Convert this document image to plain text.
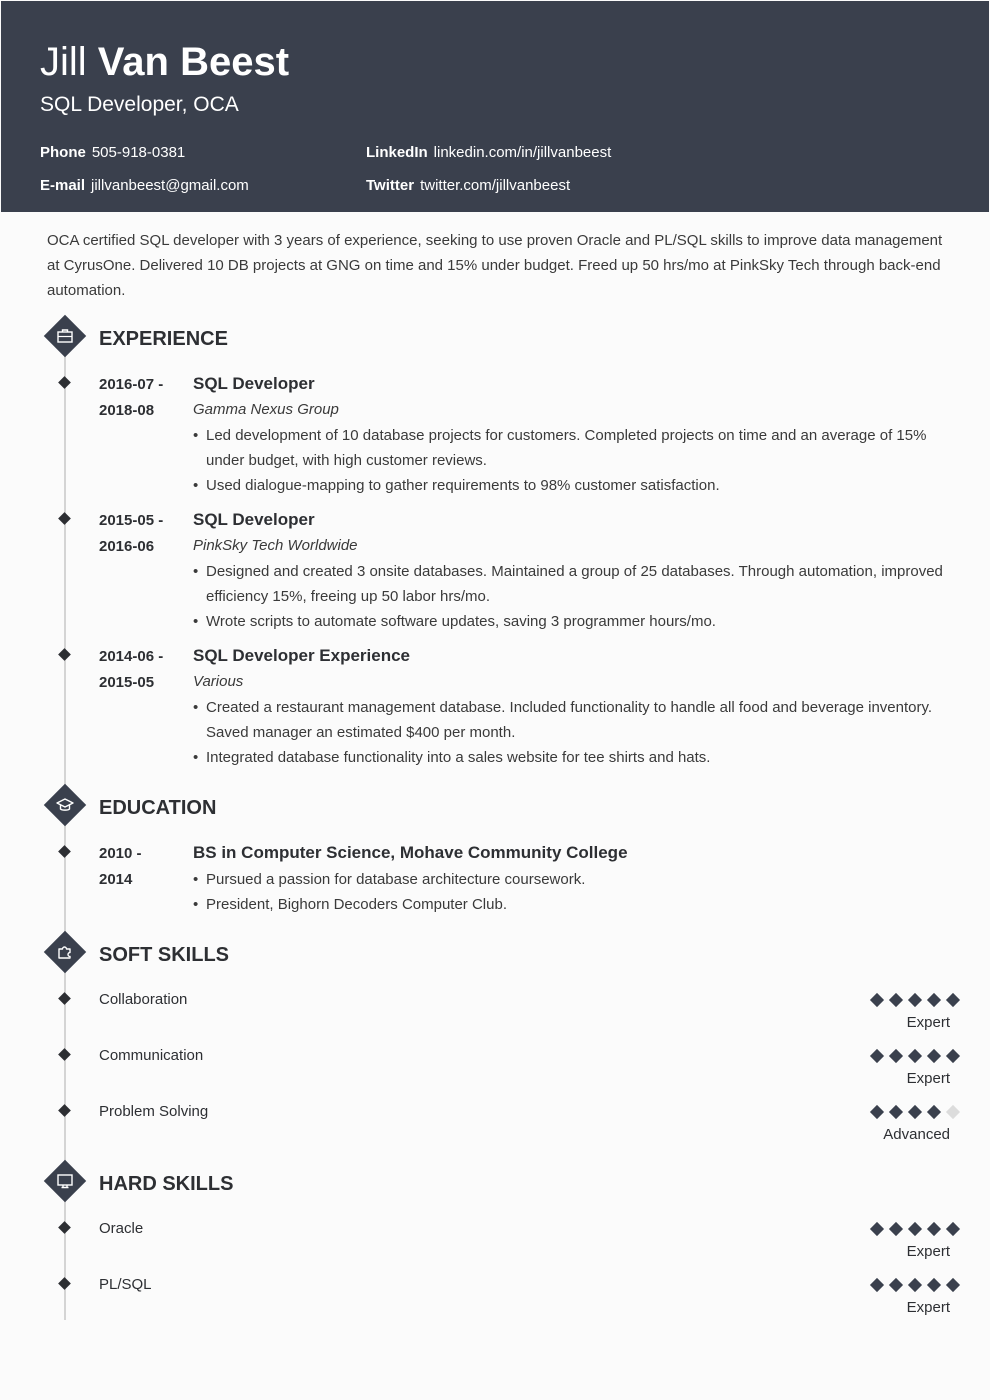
Jill Van Beest
SQL Developer, OCA
Phone 505-918-0381
E-mail jillvanbeest@gmail.com
LinkedIn linkedin.com/in/jillvanbeest
Twitter twitter.com/jillvanbeest
OCA certified SQL developer with 3 years of experience, seeking to use proven Oracle and PL/SQL skills to improve data management at CyrusOne. Delivered 10 DB projects at GNG on time and 15% under budget. Freed up 50 hrs/mo at PinkSky Tech through back-end automation.
EXPERIENCE
2016-07 -
2018-08
SQL Developer
Gamma Nexus Group
• Led development of 10 database projects for customers. Completed projects on time and an average of 15% under budget, with high customer reviews.
• Used dialogue-mapping to gather requirements to 98% customer satisfaction.
2015-05 -
2016-06
SQL Developer
PinkSky Tech Worldwide
• Designed and created 3 onsite databases. Maintained a group of 25 databases. Through automation, improved efficiency 15%, freeing up 50 labor hrs/mo.
• Wrote scripts to automate software updates, saving 3 programmer hours/mo.
2014-06 -
2015-05
SQL Developer Experience
Various
• Created a restaurant management database. Included functionality to handle all food and beverage inventory. Saved manager an estimated $400 per month.
• Integrated database functionality into a sales website for tee shirts and hats.
EDUCATION
2010 -
2014
BS in Computer Science, Mohave Community College
• Pursued a passion for database architecture coursework.
• President, Bighorn Decoders Computer Club.
SOFT SKILLS
Collaboration
Expert
Communication
Expert
Problem Solving
Advanced
HARD SKILLS
Oracle
Expert
PL/SQL
Expert
